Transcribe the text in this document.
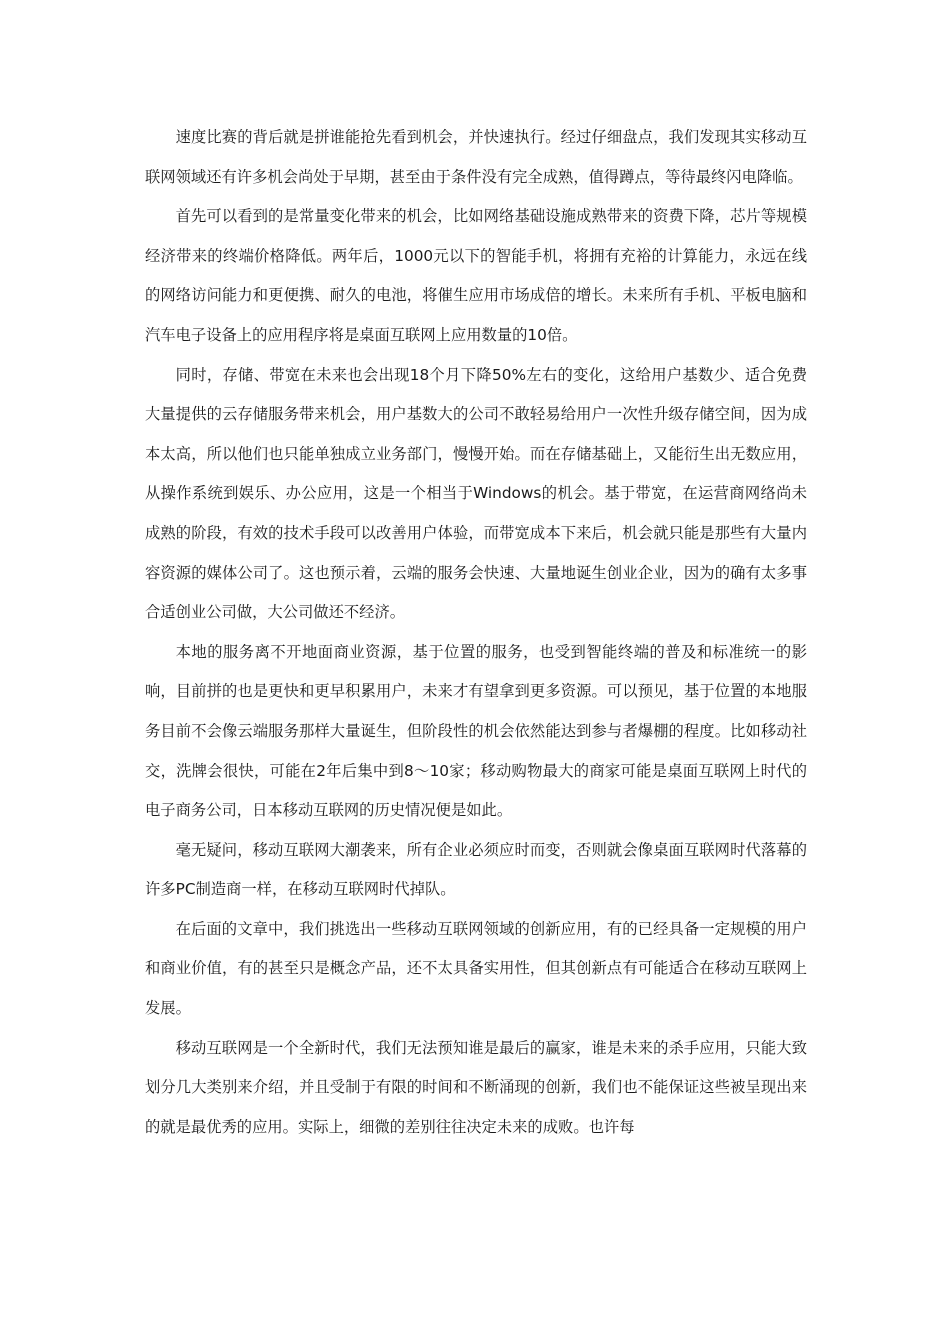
速度比赛的背后就是拼谁能抢先看到机会，并快速执行。经过仔细盘点，我们发现其实移动互联网领域还有许多机会尚处于早期，甚至由于条件没有完全成熟，值得蹲点，等待最终闪电降临。

首先可以看到的是常量变化带来的机会，比如网络基础设施成熟带来的资费下降，芯片等规模经济带来的终端价格降低。两年后，1000元以下的智能手机，将拥有充裕的计算能力，永远在线的网络访问能力和更便携、耐久的电池，将催生应用市场成倍的增长。未来所有手机、平板电脑和汽车电子设备上的应用程序将是桌面互联网上应用数量的10倍。

同时，存储、带宽在未来也会出现18个月下降50%左右的变化，这给用户基数少、适合免费大量提供的云存储服务带来机会，用户基数大的公司不敢轻易给用户一次性升级存储空间，因为成本太高，所以他们也只能单独成立业务部门，慢慢开始。而在存储基础上，又能衍生出无数应用，从操作系统到娱乐、办公应用，这是一个相当于Windows的机会。基于带宽，在运营商网络尚未成熟的阶段，有效的技术手段可以改善用户体验，而带宽成本下来后，机会就只能是那些有大量内容资源的媒体公司了。这也预示着，云端的服务会快速、大量地诞生创业企业，因为的确有太多事合适创业公司做，大公司做还不经济。

本地的服务离不开地面商业资源，基于位置的服务，也受到智能终端的普及和标准统一的影响，目前拼的也是更快和更早积累用户，未来才有望拿到更多资源。可以预见，基于位置的本地服务目前不会像云端服务那样大量诞生，但阶段性的机会依然能达到参与者爆棚的程度。比如移动社交，洗牌会很快，可能在2年后集中到8～10家；移动购物最大的商家可能是桌面互联网上时代的电子商务公司，日本移动互联网的历史情况便是如此。

毫无疑问，移动互联网大潮袭来，所有企业必须应时而变，否则就会像桌面互联网时代落幕的许多PC制造商一样，在移动互联网时代掉队。

在后面的文章中，我们挑选出一些移动互联网领域的创新应用，有的已经具备一定规模的用户和商业价值，有的甚至只是概念产品，还不太具备实用性，但其创新点有可能适合在移动互联网上发展。

移动互联网是一个全新时代，我们无法预知谁是最后的赢家，谁是未来的杀手应用，只能大致划分几大类别来介绍，并且受制于有限的时间和不断涌现的创新，我们也不能保证这些被呈现出来的就是最优秀的应用。实际上，细微的差别往往决定未来的成败。也许每
